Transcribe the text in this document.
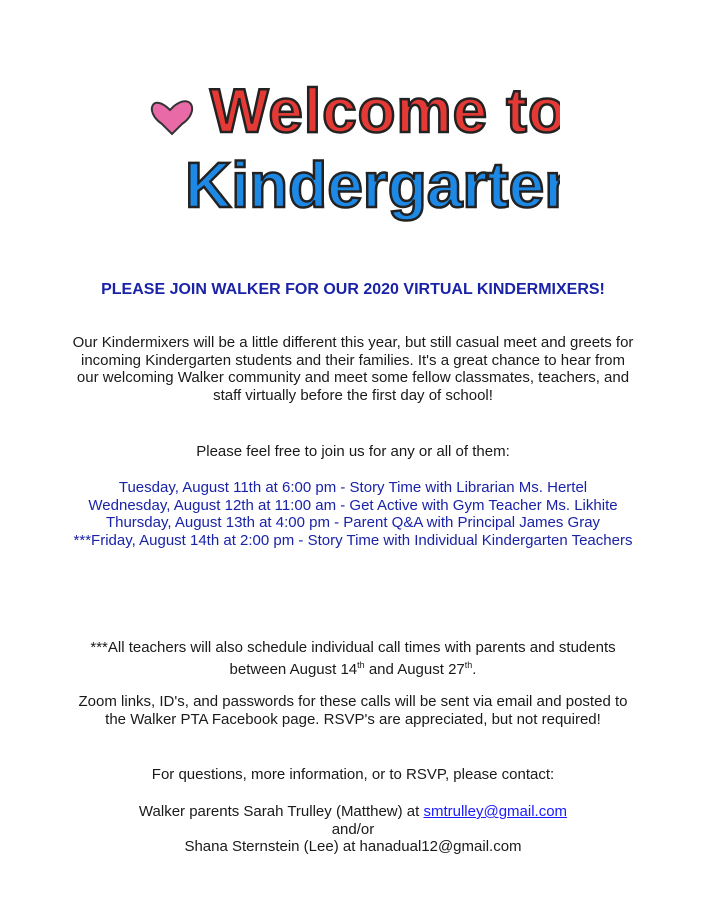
Welcome to
Kindergarten
PLEASE JOIN WALKER FOR OUR 2020 VIRTUAL KINDERMIXERS!
Our Kindermixers will be a little different this year, but still casual meet and greets for incoming Kindergarten students and their families. It's a great chance to hear from our welcoming Walker community and meet some fellow classmates, teachers, and staff virtually before the first day of school!
Please feel free to join us for any or all of them:

Tuesday, August 11th at 6:00 pm - Story Time with Librarian Ms. Hertel

Wednesday, August 12th at 11:00 am - Get Active with Gym Teacher Ms. Likhite

Thursday, August 13th at 4:00 pm - Parent Q&A with Principal James Gray

***Friday, August 14th at 2:00 pm - Story Time with Individual Kindergarten Teachers

***All teachers will also schedule individual call times with parents and students between August 14th and August 27th.
Zoom links, ID's, and passwords for these calls will be sent via email and posted to the Walker PTA Facebook page. RSVP's are appreciated, but not required!
For questions, more information, or to RSVP, please contact:

Walker parents Sarah Trulley (Matthew) at smtrulley@gmail.com

and/or

Shana Sternstein (Lee) at hanadual12@gmail.com
